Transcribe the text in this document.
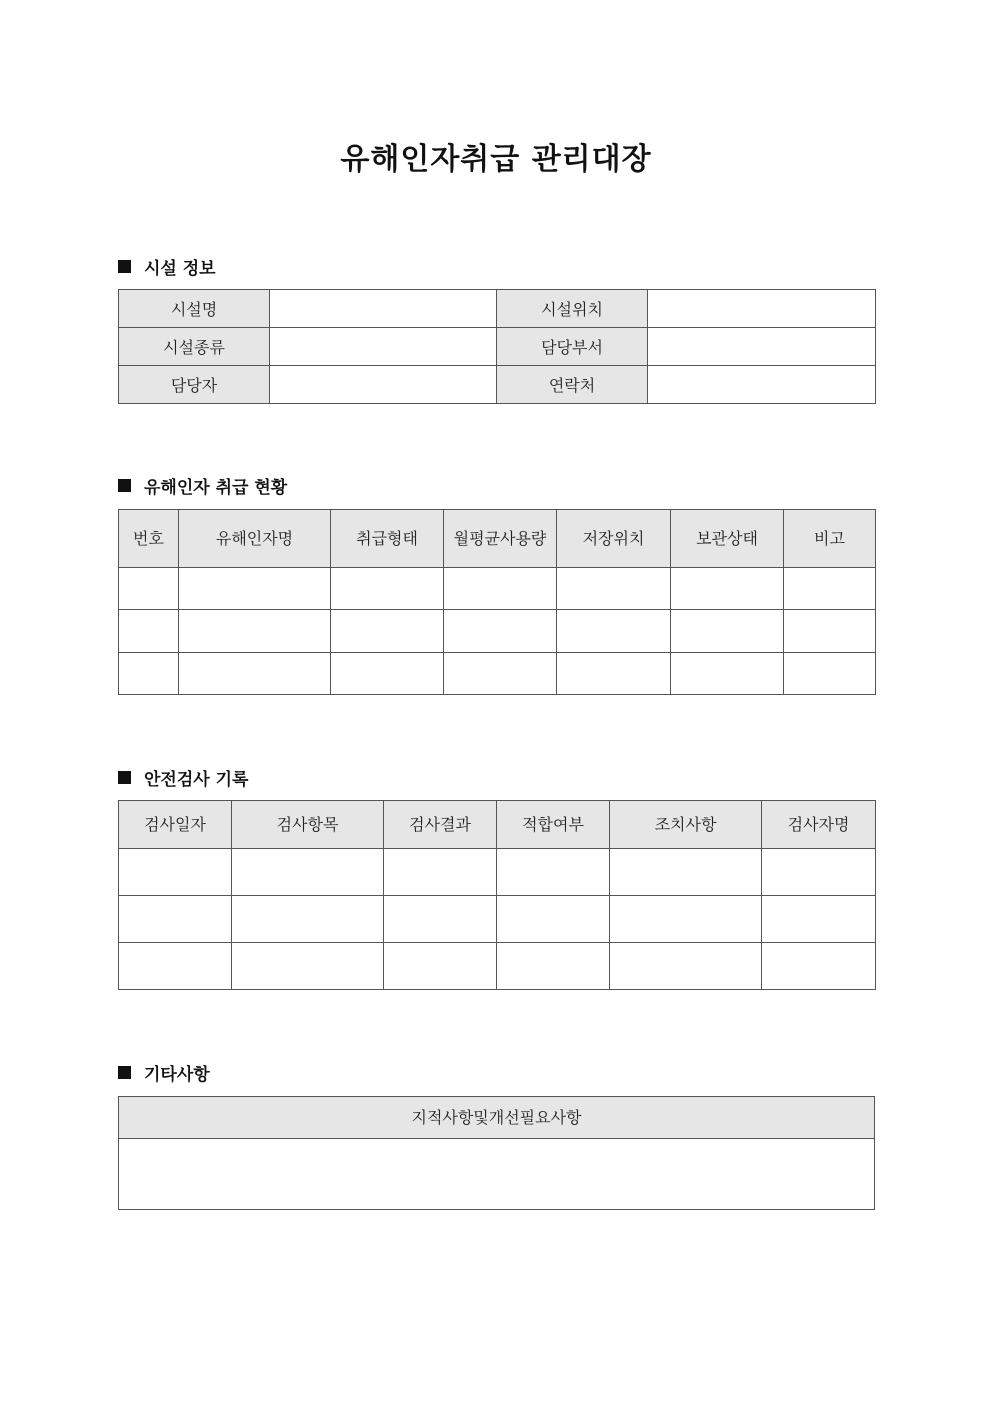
유해인자취급 관리대장
시설 정보
시설명		시설위치	
시설종류		담당부서	
담당자		연락처	
유해인자 취급 현황
번호	유해인자명	취급형태	월평균사용량	저장위치	보관상태	비고

안전검사 기록
검사일자	검사항목	검사결과	적합여부	조치사항	검사자명

기타사항
지적사항및개선필요사항
